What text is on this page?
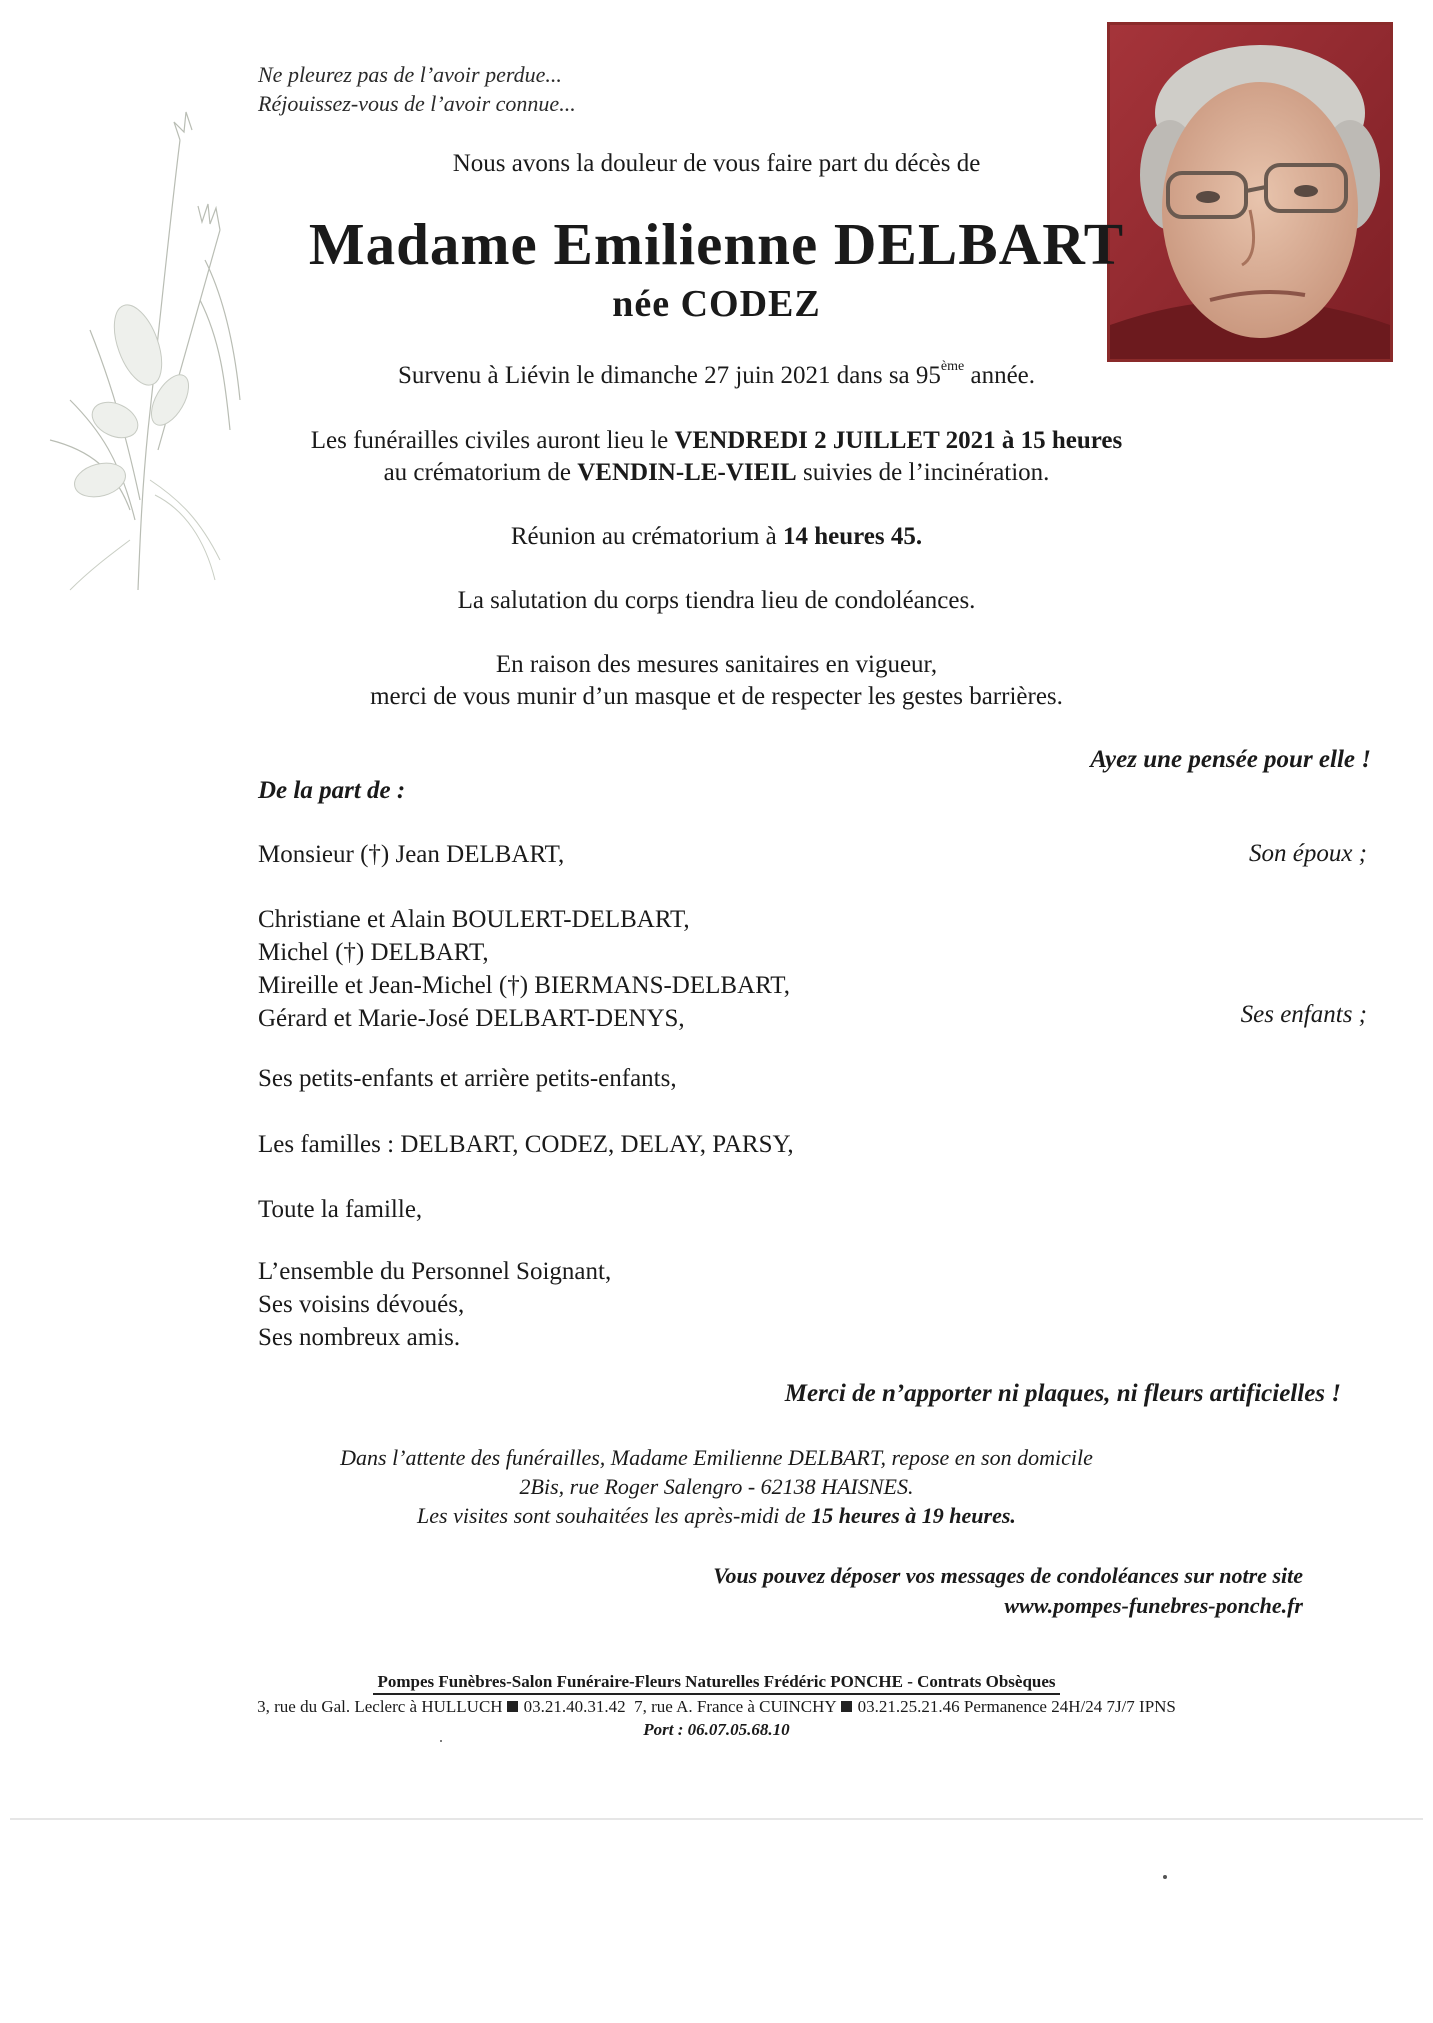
Ne pleurez pas de l’avoir perdue...
Réjouissez-vous de l’avoir connue...
Nous avons la douleur de vous faire part du décès de
Madame Emilienne DELBART
née CODEZ
Survenu à Liévin le dimanche 27 juin 2021 dans sa 95ème année.
Les funérailles civiles auront lieu le VENDREDI 2 JUILLET 2021 à 15 heures
au crématorium de VENDIN-LE-VIEIL suivies de l’incinération.
Réunion au crématorium à 14 heures 45.
La salutation du corps tiendra lieu de condoléances.
En raison des mesures sanitaires en vigueur,
merci de vous munir d’un masque et de respecter les gestes barrières.
Ayez une pensée pour elle !
De la part de :
Monsieur (†) Jean DELBART,	Son époux ;
Christiane et Alain BOULERT-DELBART,
Michel (†) DELBART,
Mireille et Jean-Michel (†) BIERMANS-DELBART,
Gérard et Marie-José DELBART-DENYS,	Ses enfants ;
Ses petits-enfants et arrière petits-enfants,
Les familles : DELBART, CODEZ, DELAY, PARSY,
Toute la famille,
L’ensemble du Personnel Soignant,
Ses voisins dévoués,
Ses nombreux amis.
Merci de n’apporter ni plaques, ni fleurs artificielles !
Dans l’attente des funérailles, Madame Emilienne DELBART, repose en son domicile
2Bis, rue Roger Salengro - 62138 HAISNES.
Les visites sont souhaitées les après-midi de 15 heures à 19 heures.
Vous pouvez déposer vos messages de condoléances sur notre site
www.pompes-funebres-ponche.fr
Pompes Funèbres-Salon Funéraire-Fleurs Naturelles Frédéric PONCHE - Contrats Obsèques
3, rue du Gal. Leclerc à HULLUCH 03.21.40.31.42 7, rue A. France à CUINCHY 03.21.25.21.46 Permanence 24H/24 7J/7 IPNS
Port : 06.07.05.68.10
